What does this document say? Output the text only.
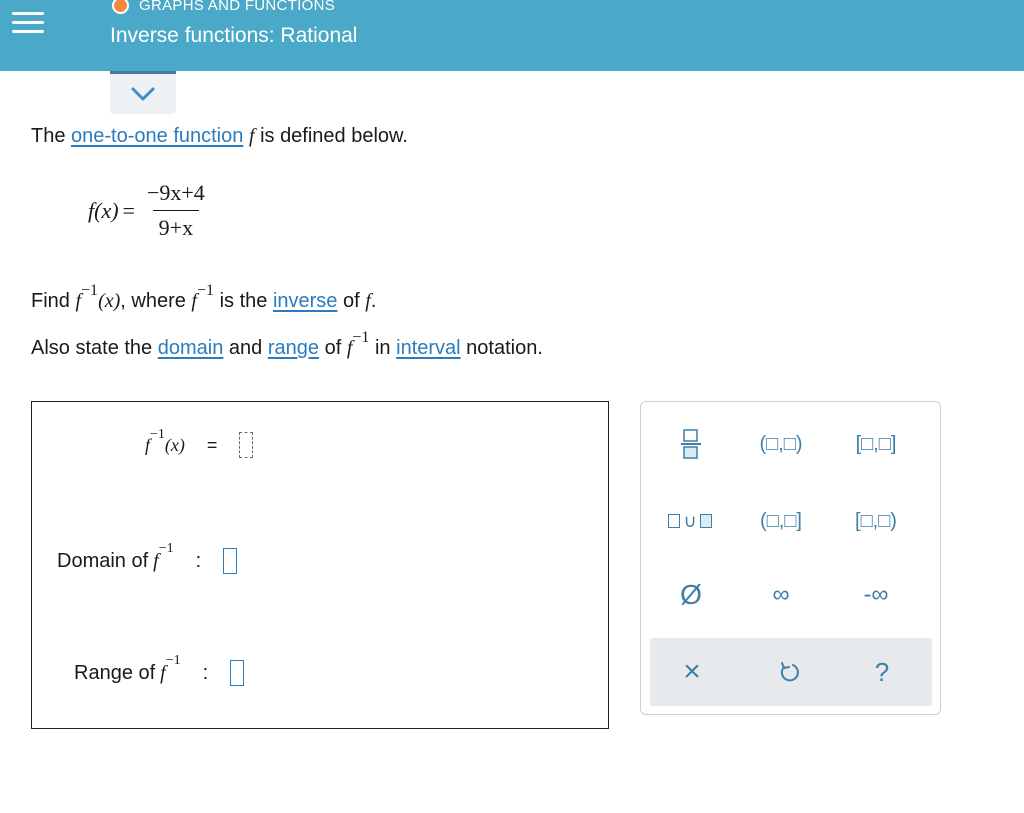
GRAPHS AND FUNCTIONS
Inverse functions: Rational
The one-to-one function f is defined below.
$f(x) = \frac{-9x+4}{9+x}$
Find $f^{-1}(x)$, where $f^{-1}$ is the inverse of f.
Also state the domain and range of $f^{-1}$ in interval notation.
f −1 (x) =
Domain of f
−1
:
Range of f
−1
:
(□,□)	[□,□]
∪	(□,□]	[□,□)
Ø	∞	-∞
×	?
